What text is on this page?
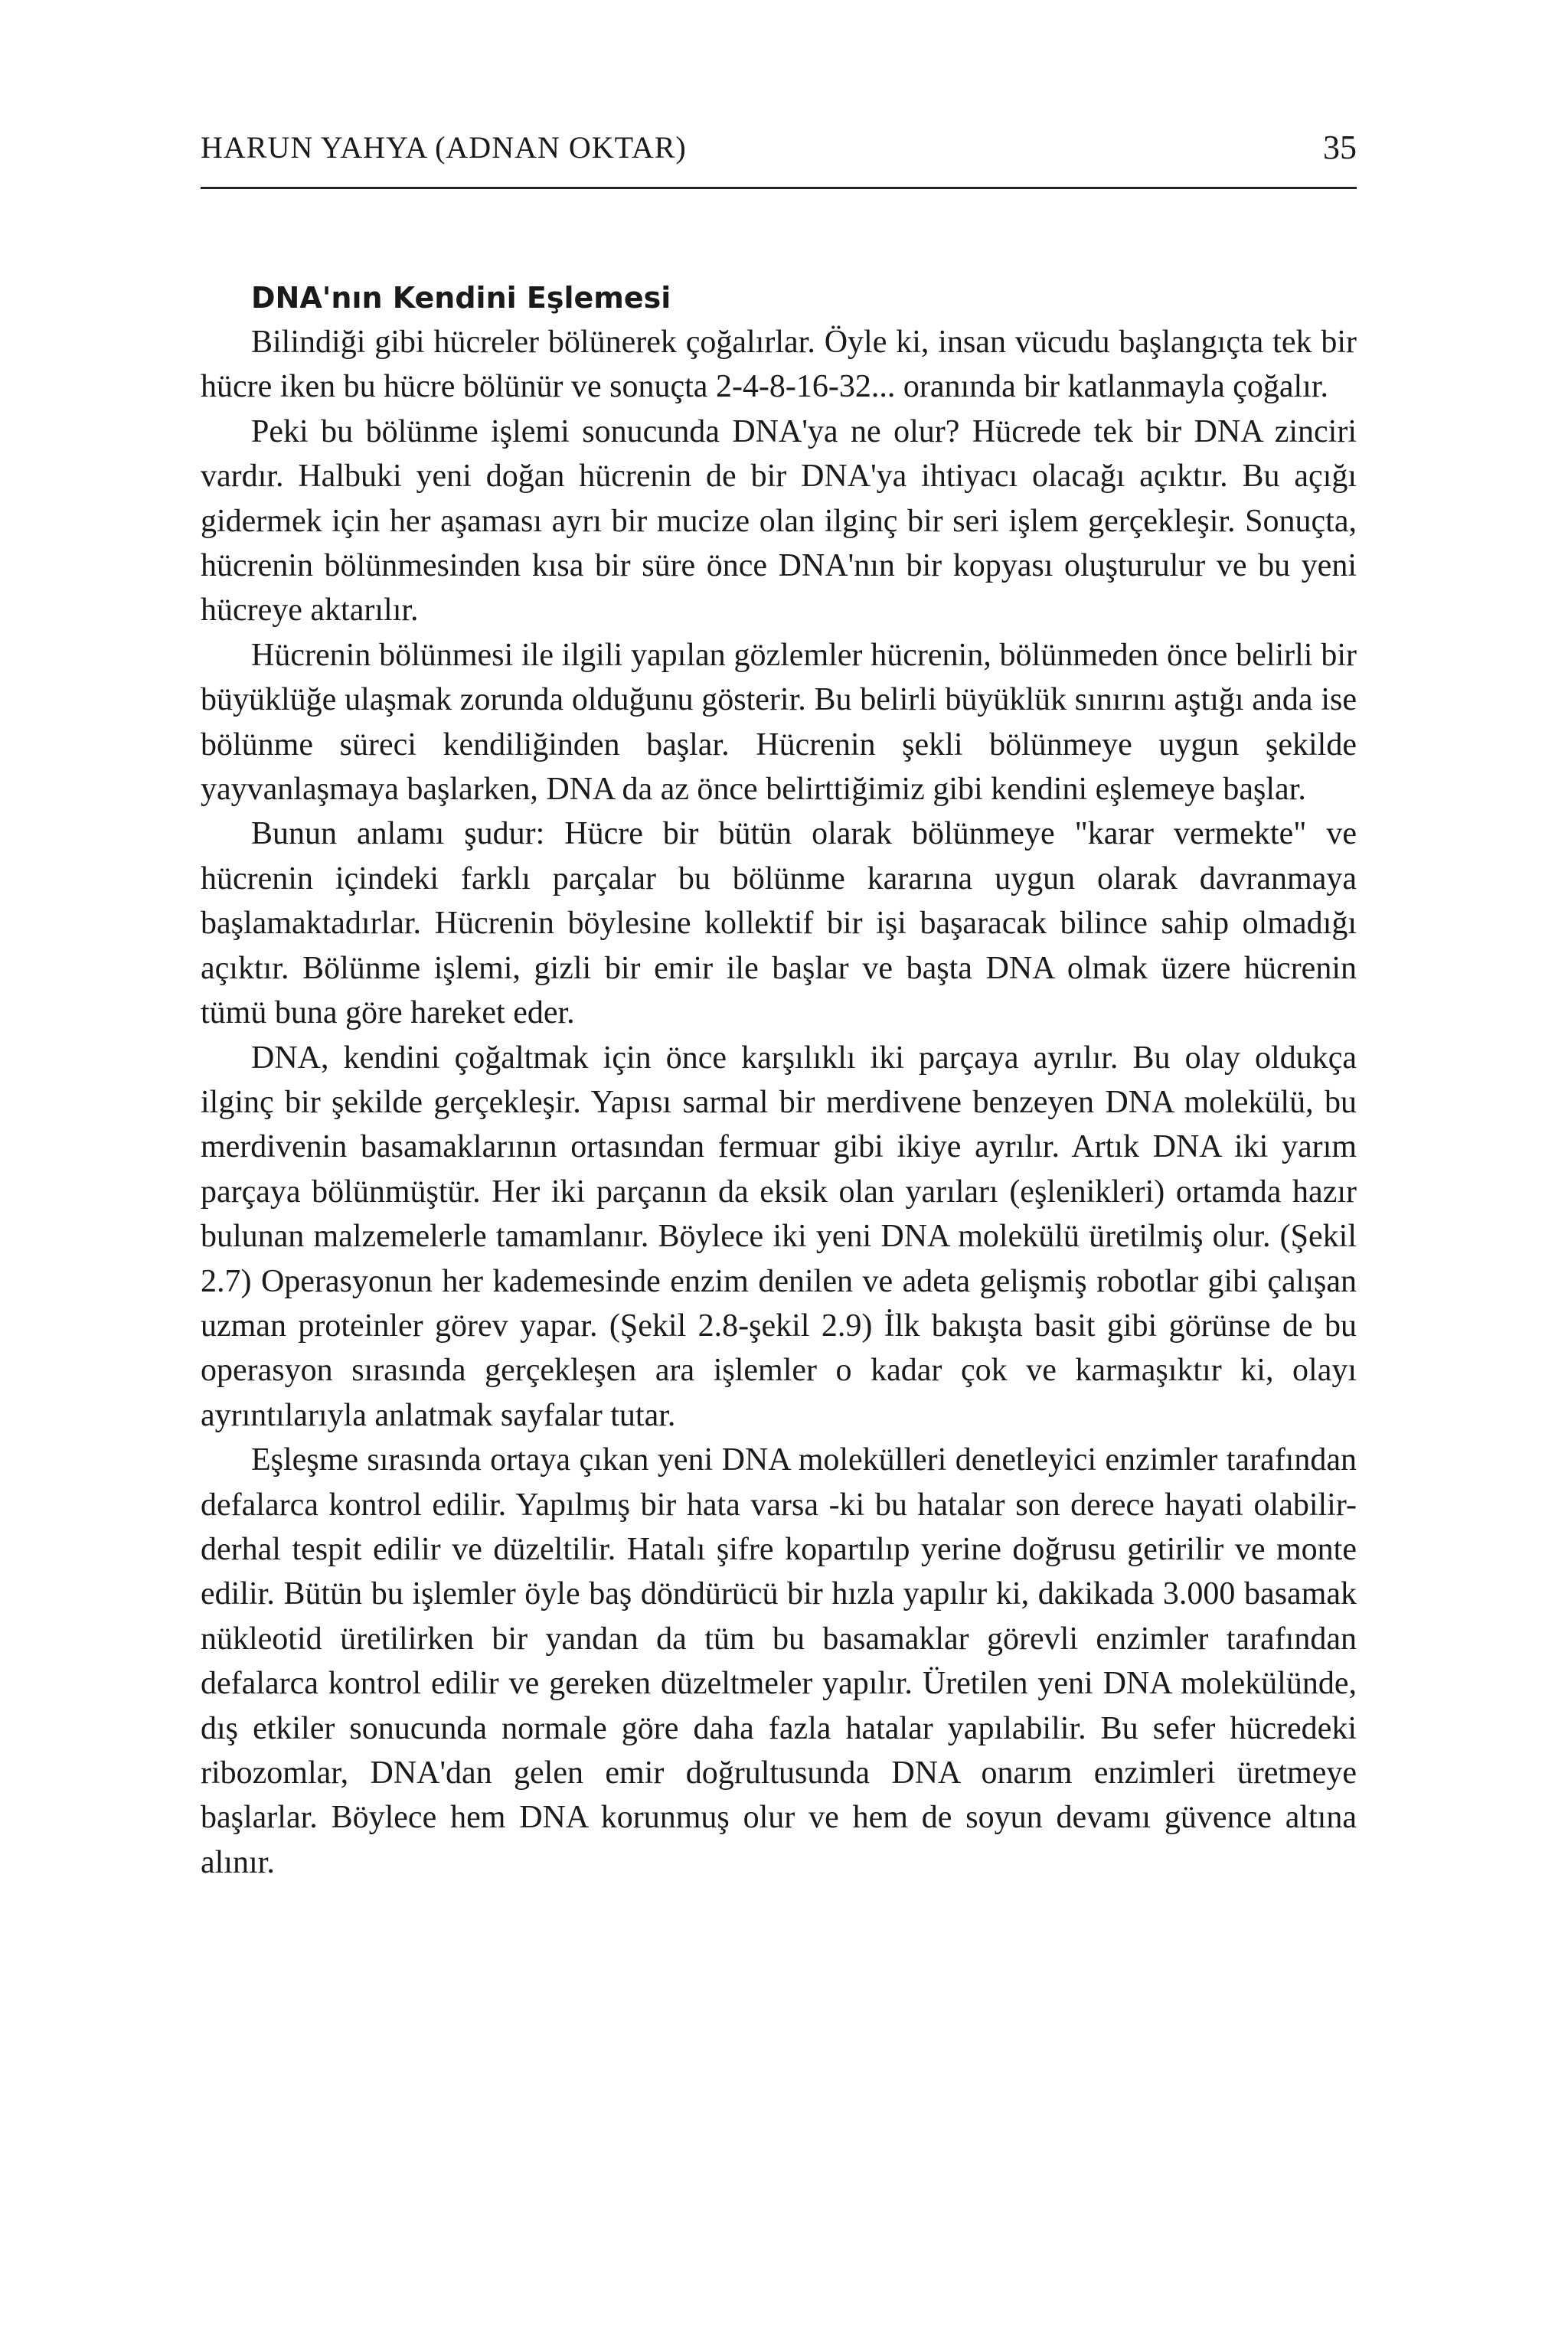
HARUN YAHYA (ADNAN OKTAR)	35
DNA'nın Kendini Eşlemesi

Bilindiği gibi hücreler bölünerek çoğalırlar. Öyle ki, insan vücudu başlangıçta tek bir hücre iken bu hücre bölünür ve sonuçta 2-4-8-16-32... oranında bir katlanmayla çoğalır.

Peki bu bölünme işlemi sonucunda DNA'ya ne olur? Hücrede tek bir DNA zinciri vardır. Halbuki yeni doğan hücrenin de bir DNA'ya ihtiyacı olacağı açıktır. Bu açığı gidermek için her aşaması ayrı bir mucize olan ilginç bir seri işlem gerçekleşir. Sonuçta, hücrenin bölünmesinden kısa bir süre önce DNA'nın bir kopyası oluşturulur ve bu yeni hücreye aktarılır.

Hücrenin bölünmesi ile ilgili yapılan gözlemler hücrenin, bölünmeden önce belirli bir büyüklüğe ulaşmak zorunda olduğunu gösterir. Bu belirli büyüklük sınırını aştığı anda ise bölünme süreci kendiliğinden başlar. Hücrenin şekli bölünmeye uygun şekilde yayvanlaşmaya başlarken, DNA da az önce belirttiğimiz gibi kendini eşlemeye başlar.

Bunun anlamı şudur: Hücre bir bütün olarak bölünmeye "karar vermekte" ve hücrenin içindeki farklı parçalar bu bölünme kararına uygun olarak davranmaya başlamaktadırlar. Hücrenin böylesine kollektif bir işi başaracak bilince sahip olmadığı açıktır. Bölünme işlemi, gizli bir emir ile başlar ve başta DNA olmak üzere hücrenin tümü buna göre hareket eder.

DNA, kendini çoğaltmak için önce karşılıklı iki parçaya ayrılır. Bu olay oldukça ilginç bir şekilde gerçekleşir. Yapısı sarmal bir merdivene benzeyen DNA molekülü, bu merdivenin basamaklarının ortasından fermuar gibi ikiye ayrılır. Artık DNA iki yarım parçaya bölünmüştür. Her iki parçanın da eksik olan yarıları (eşlenikleri) ortamda hazır bulunan malzemelerle tamamlanır. Böylece iki yeni DNA molekülü üretilmiş olur. (Şekil 2.7) Operasyonun her kademesinde enzim denilen ve adeta gelişmiş robotlar gibi çalışan uzman proteinler görev yapar. (Şekil 2.8-şekil 2.9) İlk bakışta basit gibi görünse de bu operasyon sırasında gerçekleşen ara işlemler o kadar çok ve karmaşıktır ki, olayı ayrıntılarıyla anlatmak sayfalar tutar.

Eşleşme sırasında ortaya çıkan yeni DNA molekülleri denetleyici enzimler tarafından defalarca kontrol edilir. Yapılmış bir hata varsa -ki bu hatalar son derece hayati olabilir- derhal tespit edilir ve düzeltilir. Hatalı şifre kopartılıp yerine doğrusu getirilir ve monte edilir. Bütün bu işlemler öyle baş döndürücü bir hızla yapılır ki, dakikada 3.000 basamak nükleotid üretilirken bir yandan da tüm bu basamaklar görevli enzimler tarafından defalarca kontrol edilir ve gereken düzeltmeler yapılır. Üretilen yeni DNA molekülünde, dış etkiler sonucunda normale göre daha fazla hatalar yapılabilir. Bu sefer hücredeki ribozomlar, DNA'dan gelen emir doğrultusunda DNA onarım enzimleri üretmeye başlarlar. Böylece hem DNA korunmuş olur ve hem de soyun devamı güvence altına alınır.
